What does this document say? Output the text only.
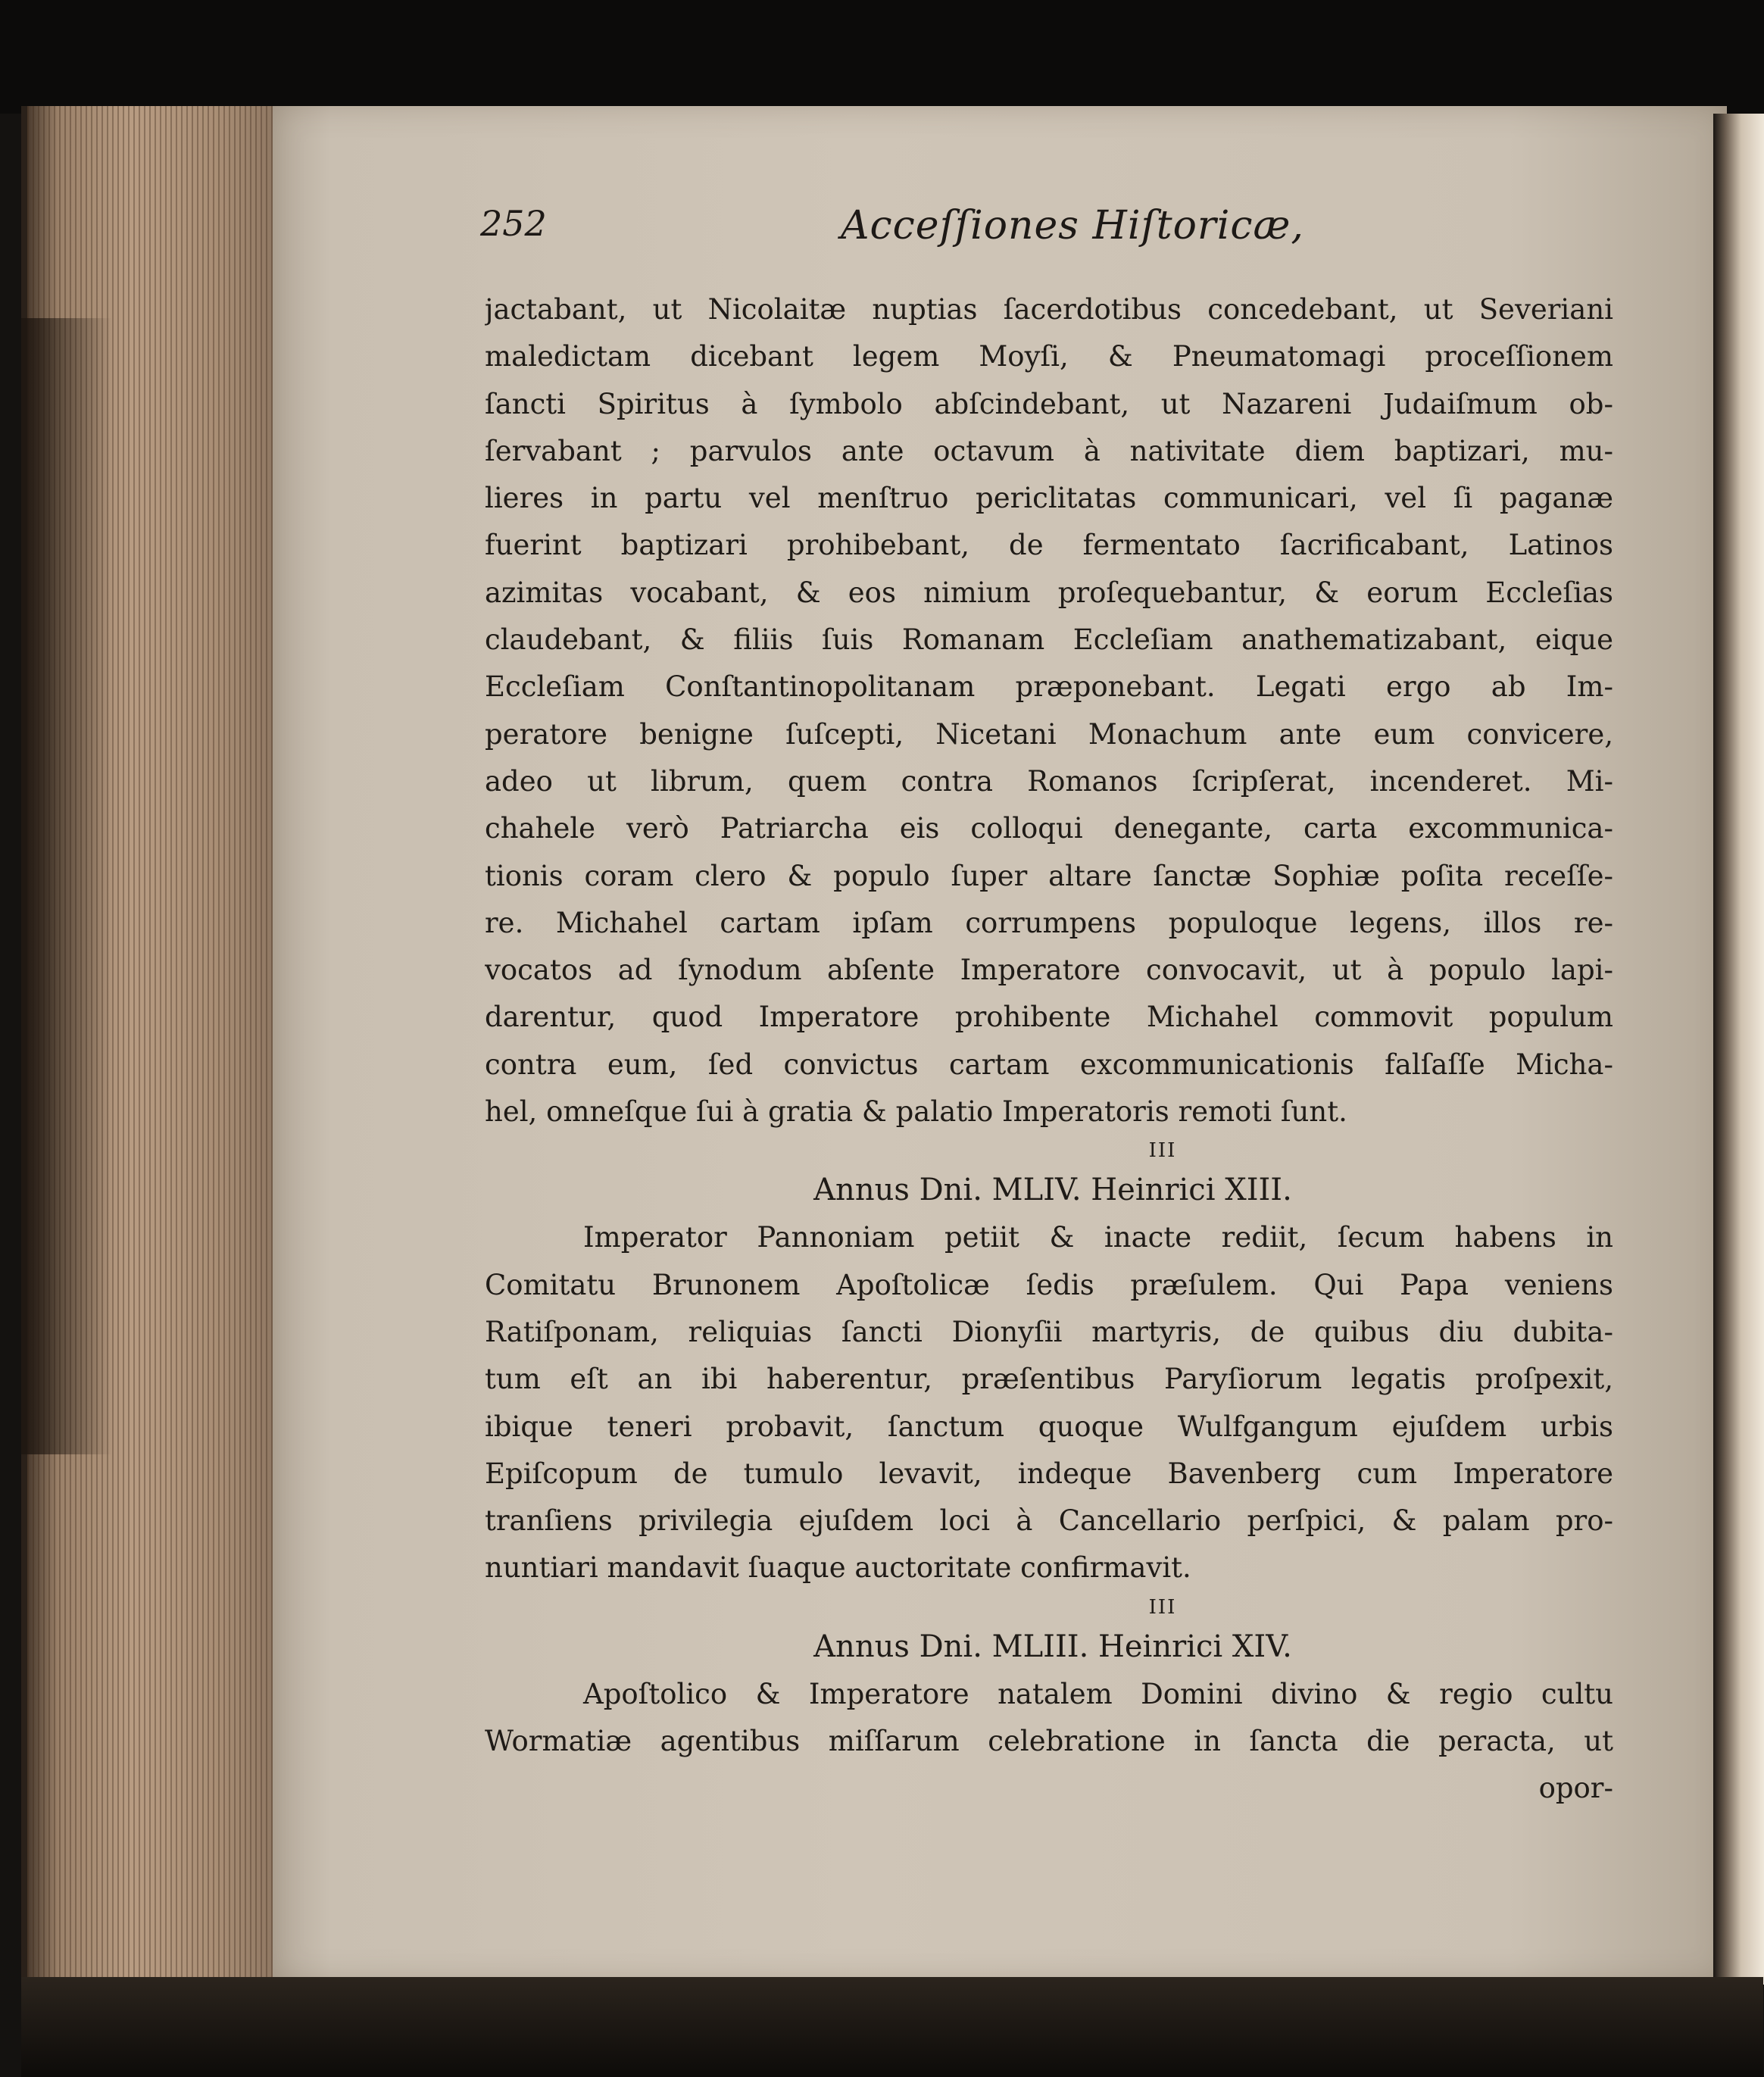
252	Acceſſiones Hiſtoricæ,
jactabant, ut Nicolaitæ nuptias ſacerdotibus concedebant, ut Severiani
maledictam dicebant legem Moyſi, & Pneumatomagi proceſſionem
ſancti Spiritus à ſymbolo abſcindebant, ut Nazareni Judaiſmum ob-
ſervabant ; parvulos ante octavum à nativitate diem baptizari, mu-
lieres in partu vel menſtruo periclitatas communicari, vel ſi paganæ
fuerint baptizari prohibebant, de fermentato ſacrificabant, Latinos
azimitas vocabant, & eos nimium proſequebantur, & eorum Eccleſias
claudebant, & filiis ſuis Romanam Eccleſiam anathematizabant, eique
Eccleſiam Conſtantinopolitanam præponebant. Legati ergo ab Im-
peratore benigne ſuſcepti, Nicetani Monachum ante eum convicere,
adeo ut librum, quem contra Romanos ſcripſerat, incenderet. Mi-
chahele verò Patriarcha eis colloqui denegante, carta excommunica-
tionis coram clero & populo ſuper altare ſanctæ Sophiæ poſita receſſe-
re. Michahel cartam ipſam corrumpens populoque legens, illos re-
vocatos ad ſynodum abſente Imperatore convocavit, ut à populo lapi-
darentur, quod Imperatore prohibente Michahel commovit populum
contra eum, ſed convictus cartam excommunicationis falſaſſe Micha-
hel, omneſque ſui à gratia & palatio Imperatoris remoti ſunt.
III
Annus Dni. MLIV. Heinrici XIII.
Imperator Pannoniam petiit & inacte rediit, ſecum habens in
Comitatu Brunonem Apoſtolicæ ſedis præſulem. Qui Papa veniens
Ratiſponam, reliquias ſancti Dionyſii martyris, de quibus diu dubita-
tum eſt an ibi haberentur, præſentibus Paryſiorum legatis proſpexit,
ibique teneri probavit, ſanctum quoque Wulfgangum ejuſdem urbis
Epiſcopum de tumulo levavit, indeque Bavenberg cum Imperatore
tranſiens privilegia ejuſdem loci à Cancellario perſpici, & palam pro-
nuntiari mandavit ſuaque auctoritate confirmavit.
III
Annus Dni. MLIII. Heinrici XIV.
Apoſtolico & Imperatore natalem Domini divino & regio cultu
Wormatiæ agentibus miſſarum celebratione in ſancta die peracta, ut
opor-
